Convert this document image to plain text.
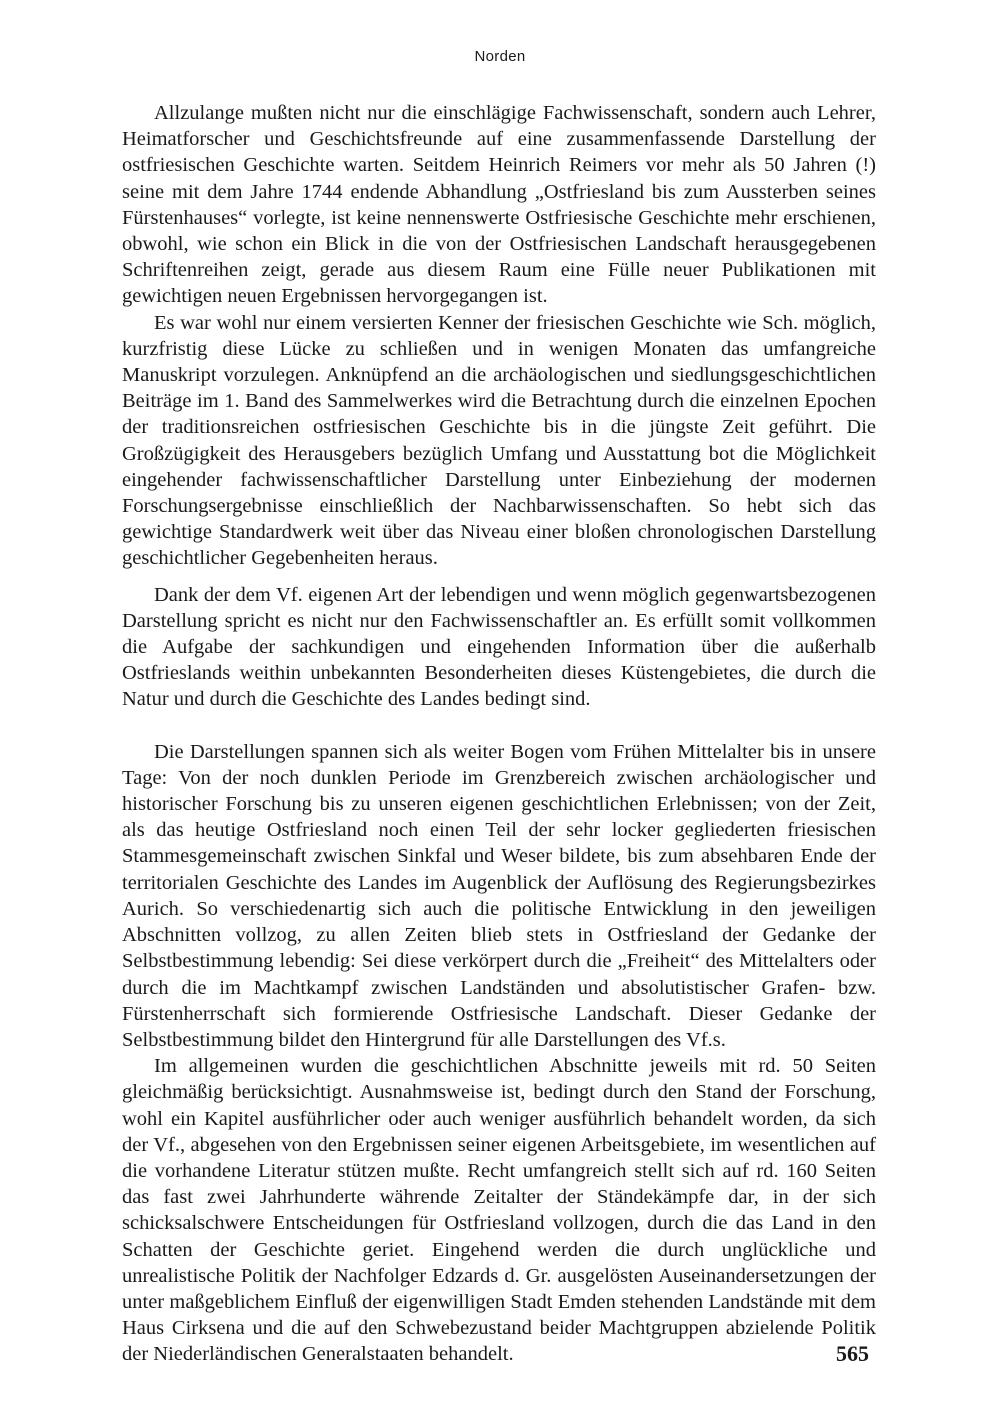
Norden

Allzulange mußten nicht nur die einschlägige Fachwissenschaft, sondern auch Lehrer, Heimatforscher und Geschichtsfreunde auf eine zusammenfassende Darstellung der ostfriesischen Geschichte warten. Seitdem Heinrich Reimers vor mehr als 50 Jahren (!) seine mit dem Jahre 1744 endende Abhandlung „Ostfriesland bis zum Aussterben seines Fürstenhauses“ vorlegte, ist keine nennenswerte Ostfriesische Geschichte mehr erschienen, obwohl, wie schon ein Blick in die von der Ostfriesischen Landschaft herausgegebenen Schriftenreihen zeigt, gerade aus diesem Raum eine Fülle neuer Publikationen mit gewichtigen neuen Ergebnissen hervorgegangen ist.

Es war wohl nur einem versierten Kenner der friesischen Geschichte wie Sch. möglich, kurzfristig diese Lücke zu schließen und in wenigen Monaten das umfangreiche Manuskript vorzulegen. Anknüpfend an die archäologischen und siedlungsgeschichtlichen Beiträge im 1. Band des Sammelwerkes wird die Betrachtung durch die einzelnen Epochen der traditionsreichen ostfriesischen Geschichte bis in die jüngste Zeit geführt. Die Großzügigkeit des Herausgebers bezüglich Umfang und Ausstattung bot die Möglichkeit eingehender fachwissenschaftlicher Darstellung unter Einbeziehung der modernen Forschungsergebnisse einschließlich der Nachbarwissenschaften. So hebt sich das gewichtige Standardwerk weit über das Niveau einer bloßen chronologischen Darstellung geschichtlicher Gegebenheiten heraus.

Dank der dem Vf. eigenen Art der lebendigen und wenn möglich gegenwartsbezogenen Darstellung spricht es nicht nur den Fachwissenschaftler an. Es erfüllt somit vollkommen die Aufgabe der sachkundigen und eingehenden Information über die außerhalb Ostfrieslands weithin unbekannten Besonderheiten dieses Küstengebietes, die durch die Natur und durch die Geschichte des Landes bedingt sind.

Die Darstellungen spannen sich als weiter Bogen vom Frühen Mittelalter bis in unsere Tage: Von der noch dunklen Periode im Grenzbereich zwischen archäologischer und historischer Forschung bis zu unseren eigenen geschichtlichen Erlebnissen; von der Zeit, als das heutige Ostfriesland noch einen Teil der sehr locker gegliederten friesischen Stammesgemeinschaft zwischen Sinkfal und Weser bildete, bis zum absehbaren Ende der territorialen Geschichte des Landes im Augenblick der Auflösung des Regierungsbezirkes Aurich. So verschiedenartig sich auch die politische Entwicklung in den jeweiligen Abschnitten vollzog, zu allen Zeiten blieb stets in Ostfriesland der Gedanke der Selbstbestimmung lebendig: Sei diese verkörpert durch die „Freiheit“ des Mittelalters oder durch die im Machtkampf zwischen Landständen und absolutistischer Grafen- bzw. Fürstenherrschaft sich formierende Ostfriesische Landschaft. Dieser Gedanke der Selbstbestimmung bildet den Hintergrund für alle Darstellungen des Vf.s.

Im allgemeinen wurden die geschichtlichen Abschnitte jeweils mit rd. 50 Seiten gleichmäßig berücksichtigt. Ausnahmsweise ist, bedingt durch den Stand der Forschung, wohl ein Kapitel ausführlicher oder auch weniger ausführlich behandelt worden, da sich der Vf., abgesehen von den Ergebnissen seiner eigenen Arbeitsgebiete, im wesentlichen auf die vorhandene Literatur stützen mußte. Recht umfangreich stellt sich auf rd. 160 Seiten das fast zwei Jahrhunderte währende Zeitalter der Ständekämpfe dar, in der sich schicksalschwere Entscheidungen für Ostfriesland vollzogen, durch die das Land in den Schatten der Geschichte geriet. Eingehend werden die durch unglückliche und unrealistische Politik der Nachfolger Edzards d. Gr. ausgelösten Auseinandersetzungen der unter maßgeblichem Einfluß der eigenwilligen Stadt Emden stehenden Landstände mit dem Haus Cirksena und die auf den Schwebezustand beider Machtgruppen abzielende Politik der Niederländischen Generalstaaten behandelt.	565
